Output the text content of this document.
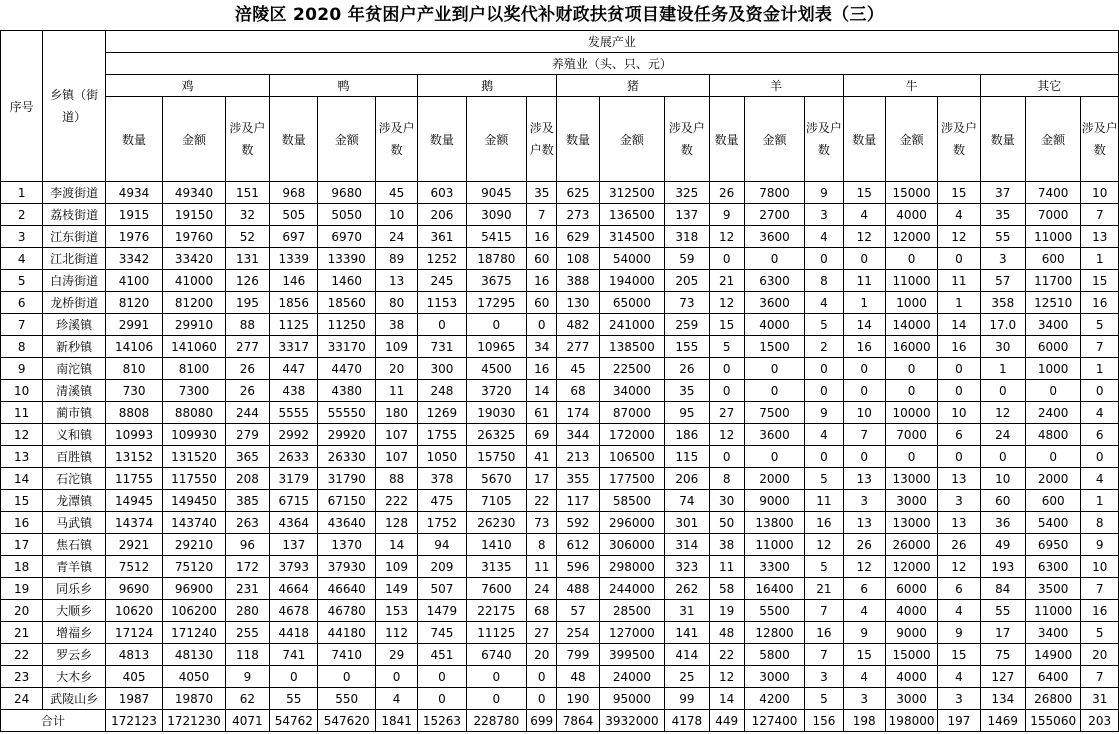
涪陵区 2020 年贫困户产业到户以奖代补财政扶贫项目建设任务及资金计划表（三）
序号	乡镇（街道）	发展产业																				
		养殖业（头、只、元）																				
		鸡			鸭			鹅			猪			羊			牛			其它		
		数量	金额	涉及户数	数量	金额	涉及户数	数量	金额	涉及户数	数量	金额	涉及户数	数量	金额	涉及户数	数量	金额	涉及户数	数量	金额	涉及户数
1	李渡街道	4934	49340	151	968	9680	45	603	9045	35	625	312500	325	26	7800	9	15	15000	15	37	7400	10
2	荔枝街道	1915	19150	32	505	5050	10	206	3090	7	273	136500	137	9	2700	3	4	4000	4	35	7000	7
3	江东街道	1976	19760	52	697	6970	24	361	5415	16	629	314500	318	12	3600	4	12	12000	12	55	11000	13
4	江北街道	3342	33420	131	1339	13390	89	1252	18780	60	108	54000	59	0	0	0	0	0	0	3	600	1
5	白涛街道	4100	41000	126	146	1460	13	245	3675	16	388	194000	205	21	6300	8	11	11000	11	57	11700	15
6	龙桥街道	8120	81200	195	1856	18560	80	1153	17295	60	130	65000	73	12	3600	4	1	1000	1	358	12510	16
7	珍溪镇	2991	29910	88	1125	11250	38	0	0	0	482	241000	259	15	4000	5	14	14000	14	17.0	3400	5
8	新秒镇	14106	141060	277	3317	33170	109	731	10965	34	277	138500	155	5	1500	2	16	16000	16	30	6000	7
9	南沱镇	810	8100	26	447	4470	20	300	4500	16	45	22500	26	0	0	0	0	0	0	1	1000	1
10	清溪镇	730	7300	26	438	4380	11	248	3720	14	68	34000	35	0	0	0	0	0	0	0	0	0
11	蔺市镇	8808	88080	244	5555	55550	180	1269	19030	61	174	87000	95	27	7500	9	10	10000	10	12	2400	4
12	义和镇	10993	109930	279	2992	29920	107	1755	26325	69	344	172000	186	12	3600	4	7	7000	6	24	4800	6
13	百胜镇	13152	131520	365	2633	26330	107	1050	15750	41	213	106500	115	0	0	0	0	0	0	0	0	0
14	石沱镇	11755	117550	208	3179	31790	88	378	5670	17	355	177500	206	8	2000	5	13	13000	13	10	2000	4
15	龙潭镇	14945	149450	385	6715	67150	222	475	7105	22	117	58500	74	30	9000	11	3	3000	3	60	600	1
16	马武镇	14374	143740	263	4364	43640	128	1752	26230	73	592	296000	301	50	13800	16	13	13000	13	36	5400	8
17	焦石镇	2921	29210	96	137	1370	14	94	1410	8	612	306000	314	38	11000	12	26	26000	26	49	6950	9
18	青羊镇	7512	75120	172	3793	37930	109	209	3135	11	596	298000	323	11	3300	5	12	12000	12	193	6300	10
19	同乐乡	9690	96900	231	4664	46640	149	507	7600	24	488	244000	262	58	16400	21	6	6000	6	84	3500	7
20	大顺乡	10620	106200	280	4678	46780	153	1479	22175	68	57	28500	31	19	5500	7	4	4000	4	55	11000	16
21	增福乡	17124	171240	255	4418	44180	112	745	11125	27	254	127000	141	48	12800	16	9	9000	9	17	3400	5
22	罗云乡	4813	48130	118	741	7410	29	451	6740	20	799	399500	414	22	5800	7	15	15000	15	75	14900	20
23	大木乡	405	4050	9	0	0	0	0	0	0	48	24000	25	12	3000	3	4	4000	4	127	6400	7
24	武陵山乡	1987	19870	62	55	550	4	0	0	0	190	95000	99	14	4200	5	3	3000	3	134	26800	31
合计		172123	1721230	4071	54762	547620	1841	15263	228780	699	7864	3932000	4178	449	127400	156	198	198000	197	1469	155060	203
